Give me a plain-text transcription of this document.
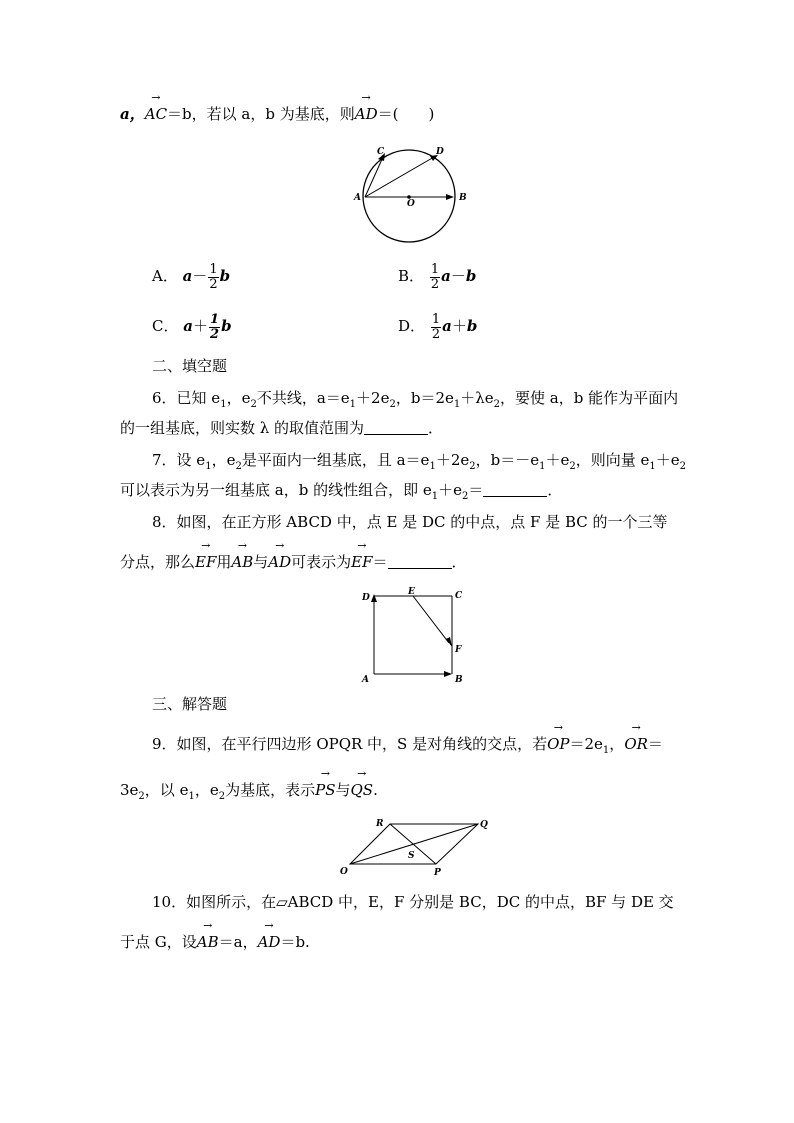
a，→ AC＝b，若以 a，b 为基底，则→ AD＝(　　)
A	B
C	D
O
A． $a- \frac{1}{2}$ b	B． $\frac{1}{2} a-b$
C． $a+ \frac{1}{2}$ b	D． $\frac{1}{2} a+b$
二、填空题
6．已知 $e_1$，$e_2$不共线，$a=e_1+2e_2$，$b=2e_1+\lambda e_2$，要使 a，b 能作为平面内
的一组基底，则实数 λ 的取值范围为	．
7．设 $e_1$，$e_2$是平面内一组基底，且 $a=e_1+2e_2$，$b=-e_1+e_2$，则向量 $e_1+e_2$
可以表示为另一组基底 a，b 的线性组合，即 $e_1+e_2=$	．
8．如图，在正方形 ABCD 中，点 E 是 DC 的中点，点 F 是 BC 的一个三等
分点，那么→ EF用→ AB与→ AD可表示为→ EF＝	．
A	B
C
D
E
F
三、解答题
9．如图，在平行四边形 OPQR 中，S 是对角线的交点，若→ $OP=2e_1$，→ OR＝
$3e_2$，以 $e_1$，$e_2$为基底，表示→ PS与→ QS.
O	P
Q
R
S
10．如图所示，在▱ABCD 中，E，F 分别是 BC，DC 的中点，BF 与 DE 交
于点 G，设→ AB＝a，→ AD＝b.
